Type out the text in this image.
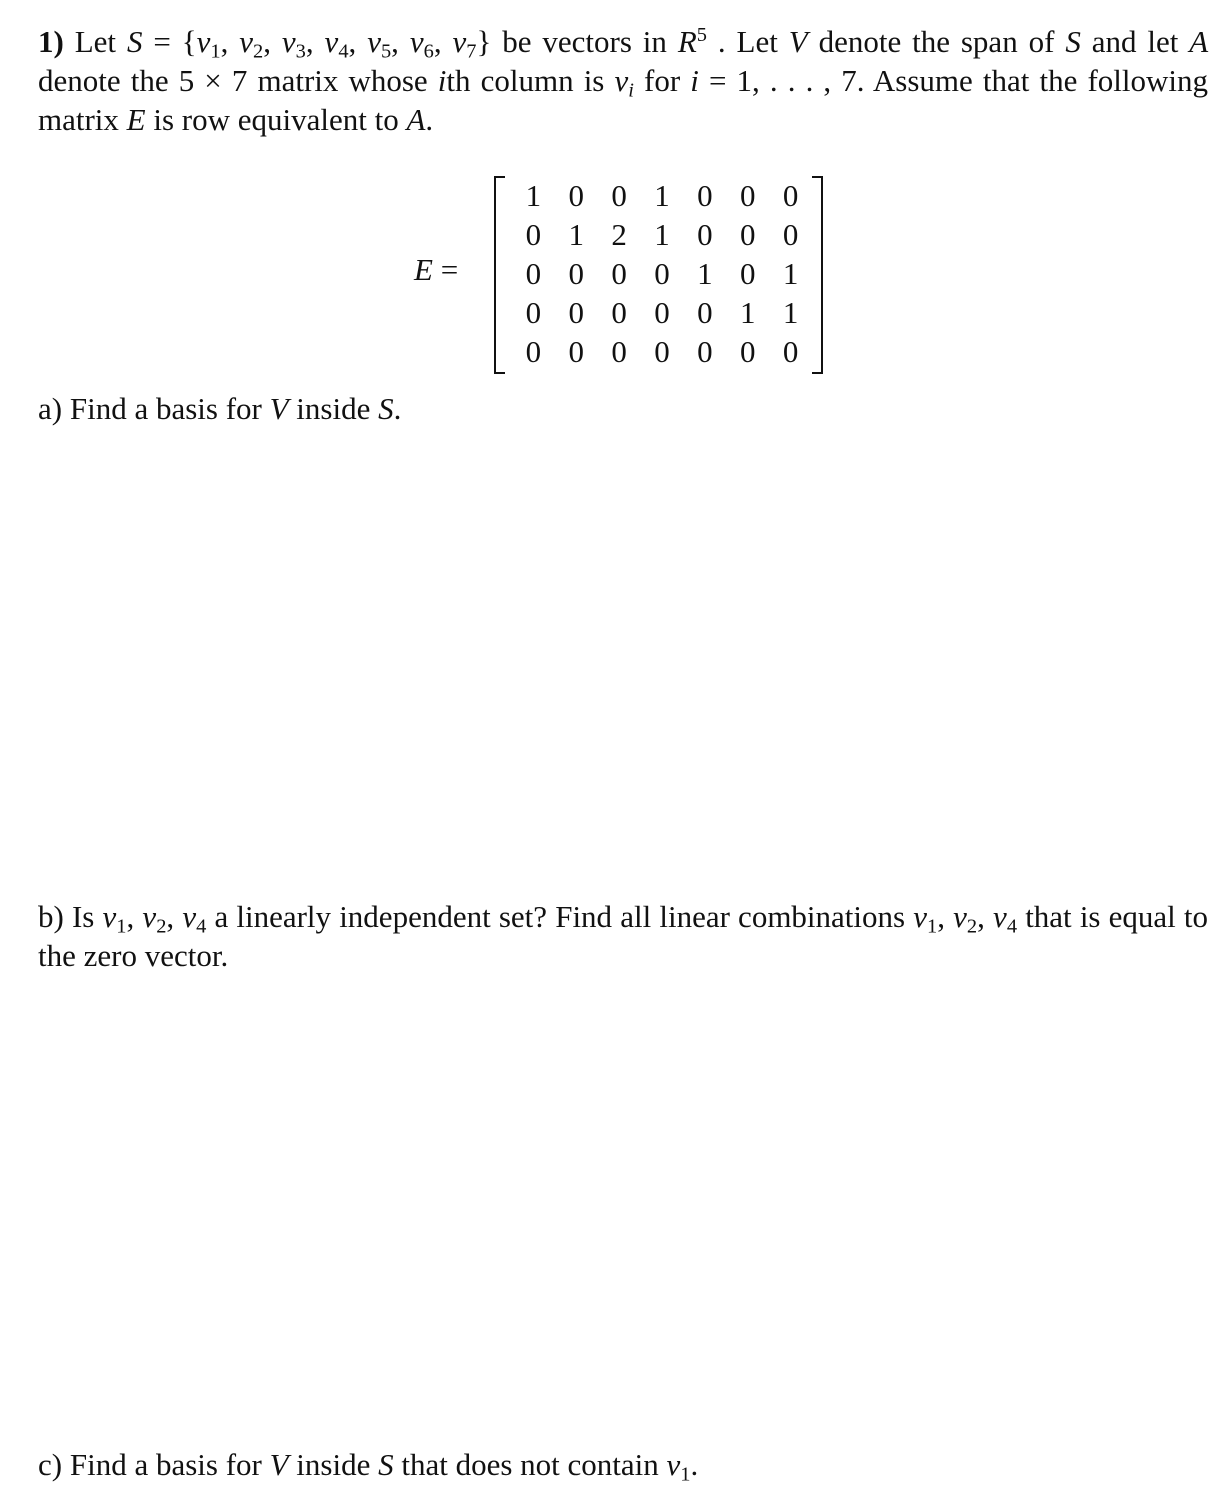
1) Let $S = \{v_1$, $v_2$, $v_3$, $v_4$, $v_5$, $v_6$, $v_7$} be vectors in $R^5$ . Let V denote the span of S and let A denote the 5 × 7 matrix whose ith column is $v_i$ for i = 1, . . . , 7. Assume that the following matrix E is row equivalent to A.
E =
1 0 0 1 0 0 0
0 1 2 1 0 0 0
0 0 0 0 1 0 1
0 0 0 0 0 1 1
0 0 0 0 0 0 0
a) Find a basis for V inside S.
b) Is $v_1$, $v_2$, $v_4$ a linearly independent set? Find all linear combinations $v_1$, $v_2$, $v_4$ that is equal to the zero vector.
c) Find a basis for V inside S that does not contain $v_1$.
